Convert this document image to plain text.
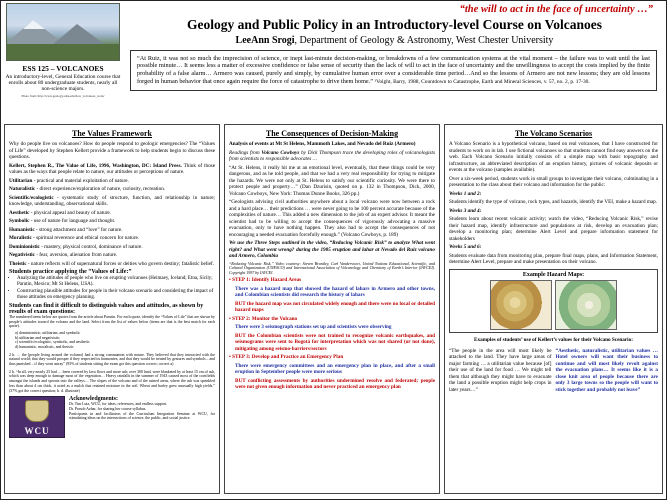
ESS 125 – VOLCANOES
An introductory-level, General Education course that enrolls about 80 undergraduate students, nearly all non-science majors.
Photo from: http://www.geology.sdsu.edu/how_volcanoes_work/
“the will to act in the face of uncertainty …”
Geology and Public Policy in an Introductory-level Course on Volcanoes
LeeAnn Srogi, Department of Geology & Astronomy, West Chester University
“At Ruiz, it was not so much the imprecision of science, or inept last-minute decision-making, or breakdowns of a few communication systems at the vital moment – the failure was to wait until the last possible minute… It seems less a matter of excessive confidence or false sense of security than the lack of will to act in the face of uncertainty and the unwillingness to accept the costs implied by the finite probability of a false alarm… Armero was caused, purely and simply, by cumulative human error over a considerable time period…And so the lessons of Armero are not new lessons; they are old lessons forged in human behavior that once again require the force of catastrophe to drive them home.” ¹Voight, Barry, 1988, Countdown to Catastrophe, Earth and Mineral Sciences, v. 57, no. 2, p. 17-30.
The Values Framework
Why do people live on volcanoes? How do people respond to geologic emergencies? The “Values of Life” developed by Stephen Kellert provide a framework to help students begin to discuss these questions.
Kellert, Stephen R., The Value of Life, 1996, Washington, DC: Island Press. Think of those values as the ways that people relate to nature, our attitudes or perceptions of nature.
Utilitarian - practical and material exploitation of nature.
Naturalistic - direct experience/exploration of nature, curiosity, recreation.
Scientific/ecologistic - systematic study of structure, function, and relationship in nature; knowledge, understanding, observational skills.
Aesthetic - physical appeal and beauty of nature.
Symbolic - use of nature for language and thought.
Humanistic - strong attachment and “love” for nature.
Moralistic - spiritual reverence and ethical concern for nature.
Dominionistic - mastery, physical control, dominance of nature.
Negativistic - fear, aversion, alienation from nature.
Theistic - nature reflects will of supernatural forces or deities who govern destiny; fatalistic belief.
Students practice applying the “Values of Life:”
• Analyzing the attitudes of people who live on erupting volcanoes (Heimaey, Iceland; Etna, Sicily; Parutin, Mexico; Mt St Helens, USA).
• Constructing plausible attitudes for people in their volcano scenario and considering the impact of those attitudes on emergency planning.
Students can find it difficult to distinguish values and attitudes, as shown by results of exam questions:
The numbered items below are quotes from the article about Parutin. For each quote, identify the “Values of Life” that are shown by people’s attitudes toward the volcano and the land. Select from the list of values below (items are that is the best match for each quote).
a) dominionistic, utilitarian, and symbolic
b) utilitarian and negativistic
c) scientific/ecologistic, symbolic, and aesthetic
d) humanistic, moralistic, and theistic
2 b. … the [people living around the volcano] had a strong communion with nature. They believed that they interacted with the natural world; that they would prosper if they respected its harmonies; and that they would be treated by gestures and symbols – and thus punished – if they went astray” (93% of students sitting the exam got this question correct; correct a)
2 b. “In all, very nearly 25 had … been covered by lava flows and more ash; over 300 land, were blanketed by at least 15 cm of ash, which was deep enough to damage most of the vegetation… Heavy rainfalls in the summer of 1943 caused most of the cornfields amongst the islands and sprouts into the valleys… The slopes of the volcano and of the ruined areas, where the ash was sprinkled less than about 4 cm thick, it acted as a mulch that retained moisture in the soil. Wheat and barley grew unusually high yields.” (37% got the correct question; b. d. illustrate)
WCU
Acknowledgments:
Dr. Tim Lutz, WCU, for ideas, references, and endless support.
Dr. Prasob Azhar, for sharing her course syllabus.
Participants in and facilitators of the Curriculum Integration Seminar at WCU, for stimulating ideas on the intersections of science, the public, and social justice.
The Consequences of Decision-Making
Analysis of events at Mt St Helens, Mammoth Lakes, and Nevado del Ruiz (Armero)
Readings from Volcano Cowboys by Dick Thompson trace the developing roles of volcanologists from scientists to responsible advocates …
“At St. Helens, it really hit me at an emotional level, eventually, that these things could be very dangerous, and as he told people, and that we had a very real responsibility for trying to mitigate the hazards. We were not only at St. Helens to satisfy our scientific curiosity. We were there to protect people and property…” (Dan Dzurisin, quoted on p. 132 in Thompson, Dick, 2000, Volcano Cowboys, New York: Thomas Dunne Books, 326 pp.)
“Geologists advising civil authorities anywhere about a local volcano were now between a rock and a hard place… their predictions … were never going to be 100 percent accurate because of the complexities of nature… This added a new dimension to the job of an expert advisor. It meant the scientist had to be willing to accept the consequences of vigorously advocating a massive evacuation, only to have nothing happen. They also had to accept the consequences of not encouraging a needed evacuation forcefully enough.” (Volcano Cowboys, p. 189)
We use the Three Steps outlined in the video, “Reducing Volcanic Risk” to analyze What went right? and What went wrong? during the 1985 eruption and lahar at Nevado del Ruiz volcano and Armero, Colombia
“Reducing Volcanic Risk,” Video courtesy: Steven Brantley, Carl Vandervoort, United Nations Educational, Scientific, and Cultural Organization (UNESCO) and International Association of Volcanology and Chemistry of Earth’s Interior (IAVCEI). Copyright 1997 by IAVCEI.
• STEP 1: Identify Hazard Areas
There was a hazard map that showed the hazard of lahars in Armero and other towns, and Colombian scientists did research the history of lahars
BUT the hazard map was not circulated widely enough and there were no local or detailed hazard maps
• STEP 2: Monitor the Volcano
There were 3 seismograph stations set up and scientists were observing
BUT the Colombian scientists were not trained to recognize volcanic earthquakes, and seismograms were sent to Bogotá for interpretation which was not shared (or not done), mitigating among seismo-barriers/sectors
• STEP 3: Develop and Practice an Emergency Plan
There were emergency committees and an emergency plan in place, and after a small eruption in September people were more serious
BUT conflicting assessments by authorities undermined resolve and federated; people were not given enough information and never practiced an emergency plan
The Volcano Scenarios
A Volcano Scenario is a hypothetical volcano, based on real volcanoes, that I have constructed for students to work on in lab. I use fictional volcanoes so that students cannot find easy answers on the web. Each Volcano Scenario initially consists of: a simple map with basic topography and infrastructure, an abbreviated description of an eruption history, pictures of volcanic deposits or events at the volcano (samples available).
Over a six-week period, students work in small groups to investigate their volcano, culminating in a presentation to the class about their volcano and information for the public:
Weeks 1 and 2:
Students identify the type of volcano, rock types, and hazards, identify the VEI, make a hazard map.
Weeks 3 and 4:
Students learn about recent volcanic activity; watch the video, “Reducing Volcanic Risk,” revise their hazard map, identify infrastructure and populations at risk, develop an evacuation plan; develop a monitoring plan; determine Alert Level and prepare information statement for stakeholders
Weeks 5 and 6:
Students evaluate data from monitoring plan, prepare final maps, plans, and Information Statement, determine Alert Level, prepare and make presentation on their volcano.
Example Hazard Maps:
Examples of students’ use of Kellert’s values for their Volcano Scenario:
“The people in the area will most likely be attached to the land. They have large areas of major farming … a utilitarian value because [of] their use of the land for food … We might tell them that although they might have to evacuate the land a possible eruption might help crops in later years…”
“Aesthetic, naturalistic, utilitarian values … Hotel owners will want their business to continue and will most likely revolt against the evacuation plans… It seems like it is a close knit area of people because there are only 3 large towns so the people will want to stick together and probably not leave”
